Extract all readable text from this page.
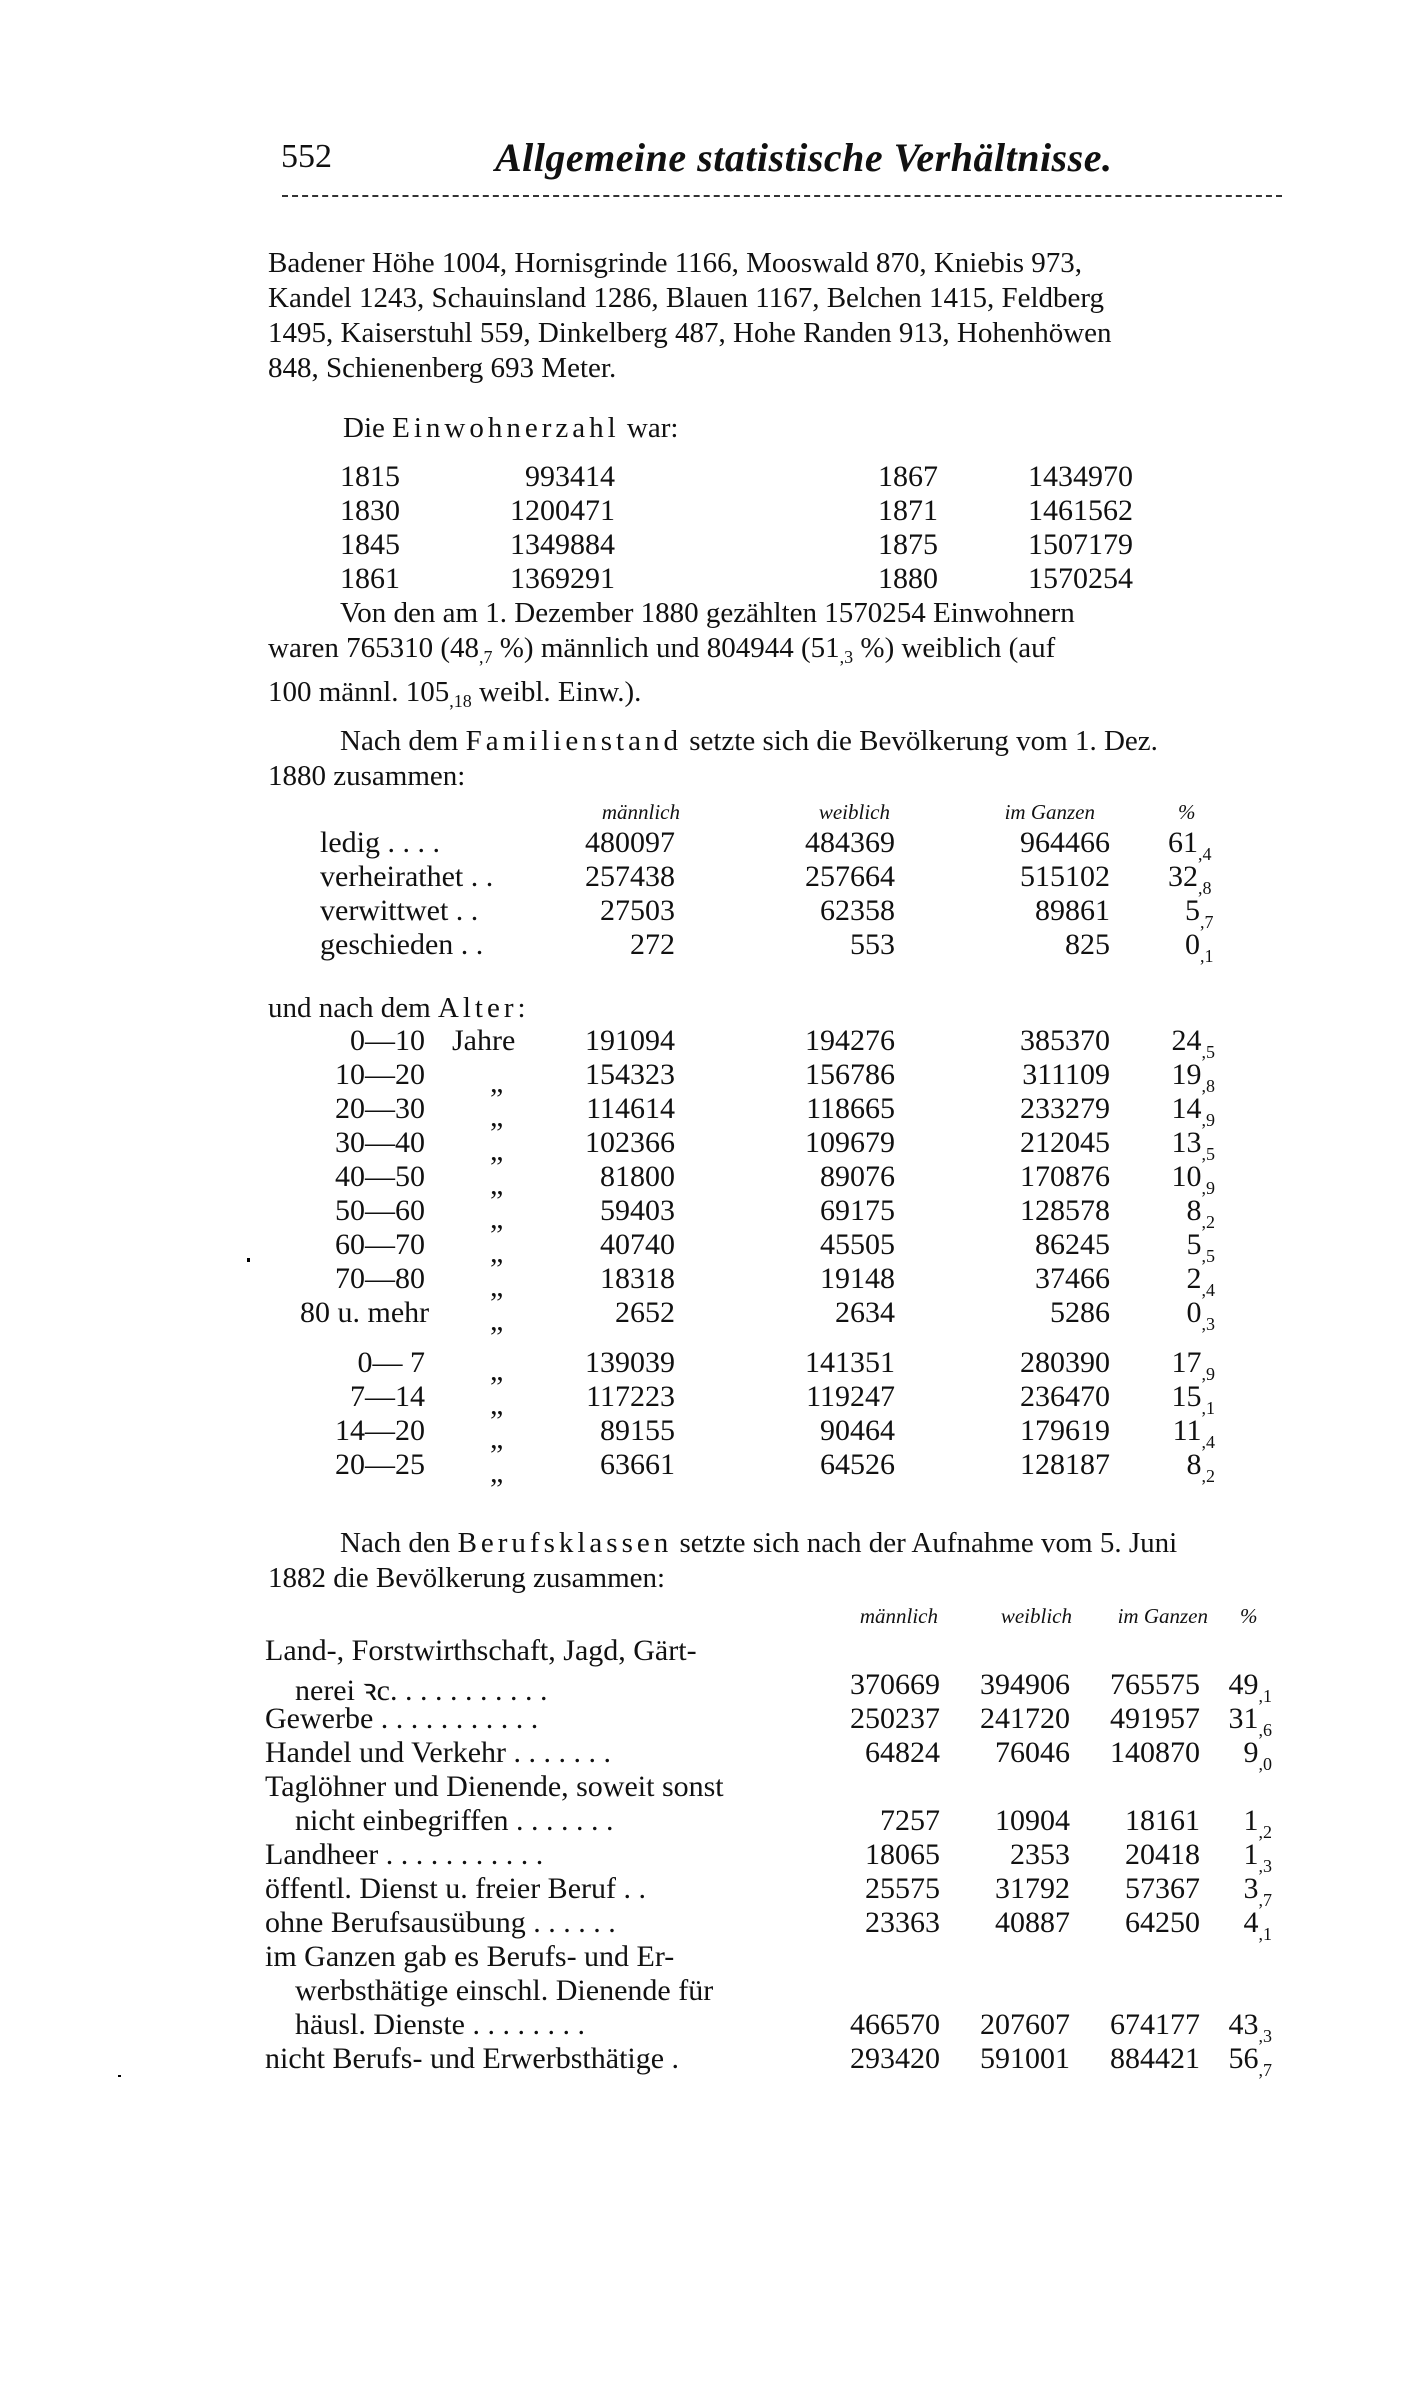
552	Allgemeine statistische Verhältnisse.
Badener Höhe 1004, Hornisgrinde 1166, Mooswald 870, Kniebis 973,
Kandel 1243, Schauinsland 1286, Blauen 1167, Belchen 1415, Feldberg
1495, Kaiserstuhl 559, Dinkelberg 487, Hohe Randen 913, Hohenhöwen
848, Schienenberg 693 Meter.
Die Einwohnerzahl war:
1815	993414	1867	1434970
1830	1200471	1871	1461562
1845	1349884	1875	1507179
1861	1369291	1880	1570254
Von den am 1. Dezember 1880 gezählten 1570254 Einwohnern
waren 765310 ($48_{,7}$ %) männlich und 804944 ($51_{,3}$ %) weiblich (auf
100 männl. $105_{,18}$ weibl. Einw.).
Nach dem Familienstand setzte sich die Bevölkerung vom 1. Dez.
1880 zusammen:
männlich	weiblich	im Ganzen	%
ledig . . . .	480097	484369	964466 $61_{,4}$
verheirathet . .	257438	257664	515102 $32_{,8}$
verwittwet . .	27503	62358	89861	$5_{,7}$
geschieden . .	272	553	825	$0_{,1}$
und nach dem Alter:
0—10 Jahre	191094	194276	385370	$24_{,5}$
10—20 „	154323	156786	311109	$19_{,8}$
20—30 „	114614	118665	233279	$14_{,9}$
30—40 „	102366	109679	212045	$13_{,5}$
40—50 „	81800	89076	170876	$10_{,9}$
50—60 „	59403	69175	128578	$8_{,2}$
60—70 „	40740	45505	86245	$5_{,5}$
70—80 „	18318	19148	37466	$2_{,4}$
80 u. mehr „	2652	2634	5286	$0_{,3}$
0— 7 „	139039	141351	280390	$17_{,9}$
7—14 „	117223	119247	236470	$15_{,1}$
14—20 „	89155	90464	179619	$11_{,4}$
20—25 „	63661	64526	128187	$8_{,2}$
Nach den Berufsklassen setzte sich nach der Aufnahme vom 5. Juni
1882 die Bevölkerung zusammen:
männlich	weiblich	im Ganzen %
Land-, Forstwirthschaft, Jagd, Gärt-
nerei ꝛc. . . . . . . . . . .	370669	394906	765575 $49_{,1}$
Gewerbe . . . . . . . . . . .	250237	241720	491957 $31_{,6}$
Handel und Verkehr . . . . . . .	64824	76046	140870	$9_{,0}$
Taglöhner und Dienende, soweit sonst
nicht einbegriffen . . . . . . .	7257	10904	18161	$1_{,2}$
Landheer . . . . . . . . . . .	18065	2353	20418	$1_{,3}$
öffentl. Dienst u. freier Beruf . .	25575	31792	57367	$3_{,7}$
ohne Berufsausübung . . . . . .	23363	40887	64250	$4_{,1}$
im Ganzen gab es Berufs- und Er-
werbsthätige einschl. Dienende für
häusl. Dienste . . . . . . . .	466570	207607	674177 $43_{,3}$
nicht Berufs- und Erwerbsthätige .	293420	591001	884421 $56_{,7}$
